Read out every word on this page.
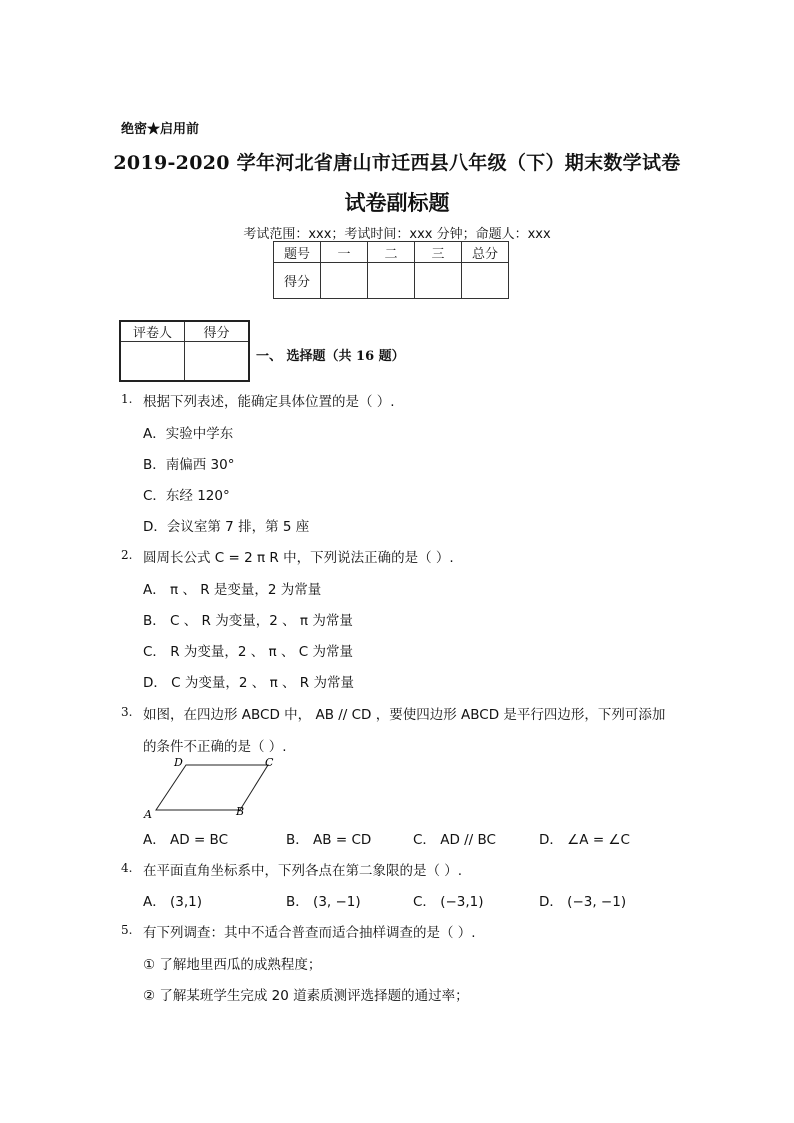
绝密★启用前
2019-2020 学年河北省唐山市迁西县八年级（下）期末数学试卷
试卷副标题
考试范围：xxx；考试时间：xxx 分钟；命题人：xxx
题号	一	二	三	总分
得分				
评卷人	得分

一、 选择题（共 16 题）
1. 根据下列表述，能确定具体位置的是（ ）.
A．实验中学东
B．南偏西 30°
C．东经 120°
D．会议室第 7 排，第 5 座
2. 圆周长公式 C = 2 π R 中，下列说法正确的是（ ）.
A． π 、 R 是变量，2 为常量
B． C 、 R 为变量，2 、 π 为常量
C． R 为变量，2 、 π 、 C 为常量
D． C 为变量，2 、 π 、 R 为常量
3. 如图，在四边形 ABCD 中， AB // CD ，要使四边形 ABCD 是平行四边形，下列可添加
的条件不正确的是（ ）.
D	C
A	B
A． AD = BC	B． AB = CD	C． AD // BC	D． ∠A = ∠C
4. 在平面直角坐标系中，下列各点在第二象限的是（ ）.
A． (3,1)	B． (3, −1)	C． (−3,1)	D． (−3, −1)
5. 有下列调查：其中不适合普查而适合抽样调查的是（ ）.
① 了解地里西瓜的成熟程度；
② 了解某班学生完成 20 道素质测评选择题的通过率；
